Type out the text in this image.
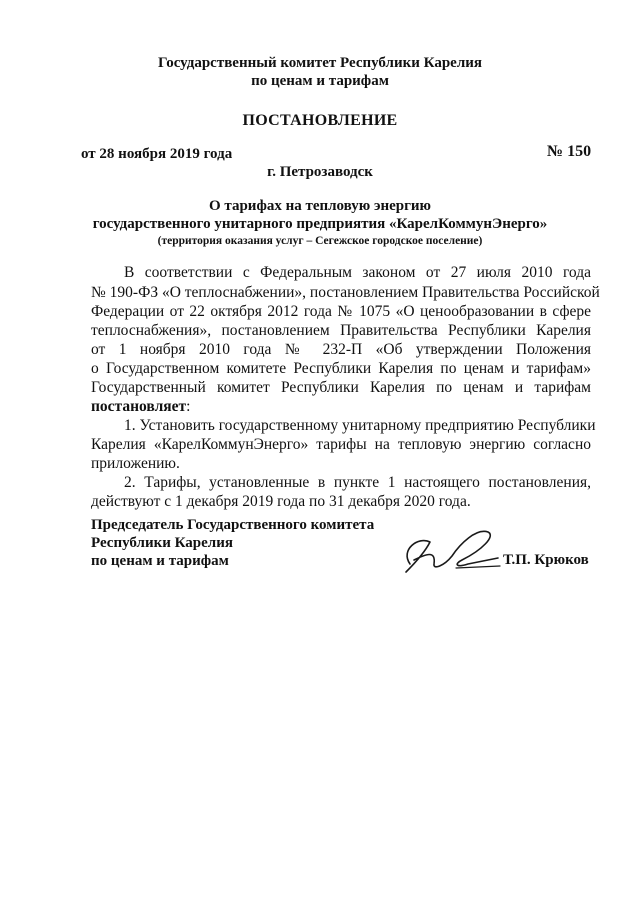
Государственный комитет Республики Карелия
по ценам и тарифам
ПОСТАНОВЛЕНИЕ
от 28 ноября 2019 года	№ 150
г. Петрозаводск
О тарифах на тепловую энергию
государственного унитарного предприятия «КарелКоммунЭнерго»
(территория оказания услуг – Сегежское городское поселение)
В соответствии с Федеральным законом от 27 июля 2010 года
№ 190-ФЗ «О теплоснабжении», постановлением Правительства Российской
Федерации от 22 октября 2012 года № 1075 «О ценообразовании в сфере
теплоснабжения», постановлением Правительства Республики Карелия
от 1 ноября 2010 года № 232-П «Об утверждении Положения
о Государственном комитете Республики Карелия по ценам и тарифам»
Государственный комитет Республики Карелия по ценам и тарифам
постановляет:
1. Установить государственному унитарному предприятию Республики
Карелия «КарелКоммунЭнерго» тарифы на тепловую энергию согласно
приложению.
2. Тарифы, установленные в пункте 1 настоящего постановления,
действуют с 1 декабря 2019 года по 31 декабря 2020 года.
Председатель Государственного комитета
Республики Карелия
по ценам и тарифам	Т.П. Крюков
